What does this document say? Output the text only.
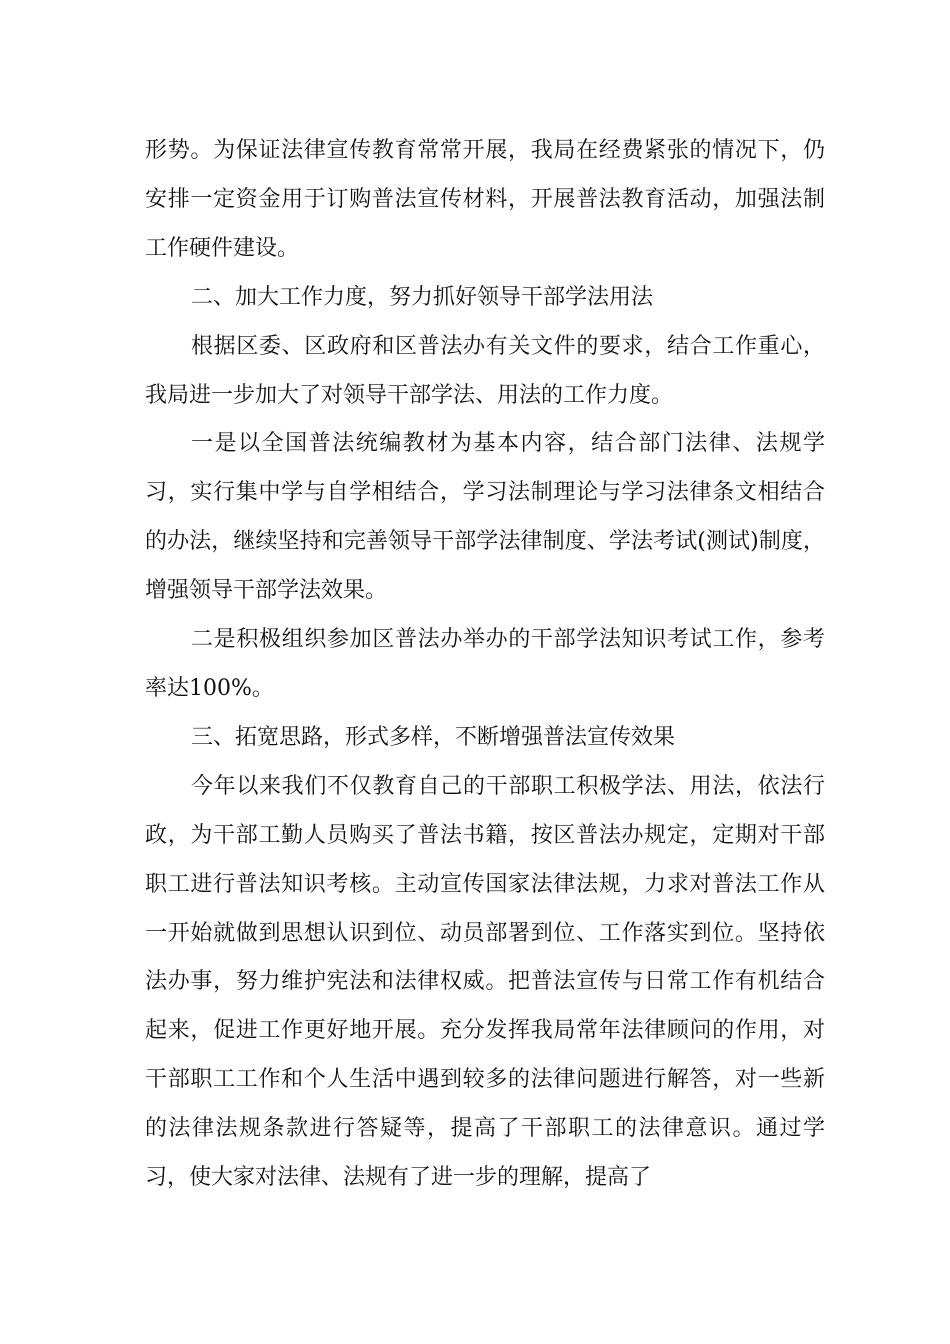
形势。为保证法律宣传教育常常开展，我局在经费紧张的情况下，仍安排一定资金用于订购普法宣传材料，开展普法教育活动，加强法制工作硬件建设。

二、加大工作力度，努力抓好领导干部学法用法

根据区委、区政府和区普法办有关文件的要求，结合工作重心，我局进一步加大了对领导干部学法、用法的工作力度。

一是以全国普法统编教材为基本内容，结合部门法律、法规学习，实行集中学与自学相结合，学习法制理论与学习法律条文相结合的办法，继续坚持和完善领导干部学法律制度、学法考试(测试)制度，增强领导干部学法效果。

二是积极组织参加区普法办举办的干部学法知识考试工作，参考率达100%。

三、拓宽思路，形式多样，不断增强普法宣传效果

今年以来我们不仅教育自己的干部职工积极学法、用法，依法行政，为干部工勤人员购买了普法书籍，按区普法办规定，定期对干部职工进行普法知识考核。主动宣传国家法律法规，力求对普法工作从一开始就做到思想认识到位、动员部署到位、工作落实到位。坚持依法办事，努力维护宪法和法律权威。把普法宣传与日常工作有机结合起来，促进工作更好地开展。充分发挥我局常年法律顾问的作用，对干部职工工作和个人生活中遇到较多的法律问题进行解答，对一些新的法律法规条款进行答疑等，提高了干部职工的法律意识。通过学习，使大家对法律、法规有了进一步的理解，提高了
